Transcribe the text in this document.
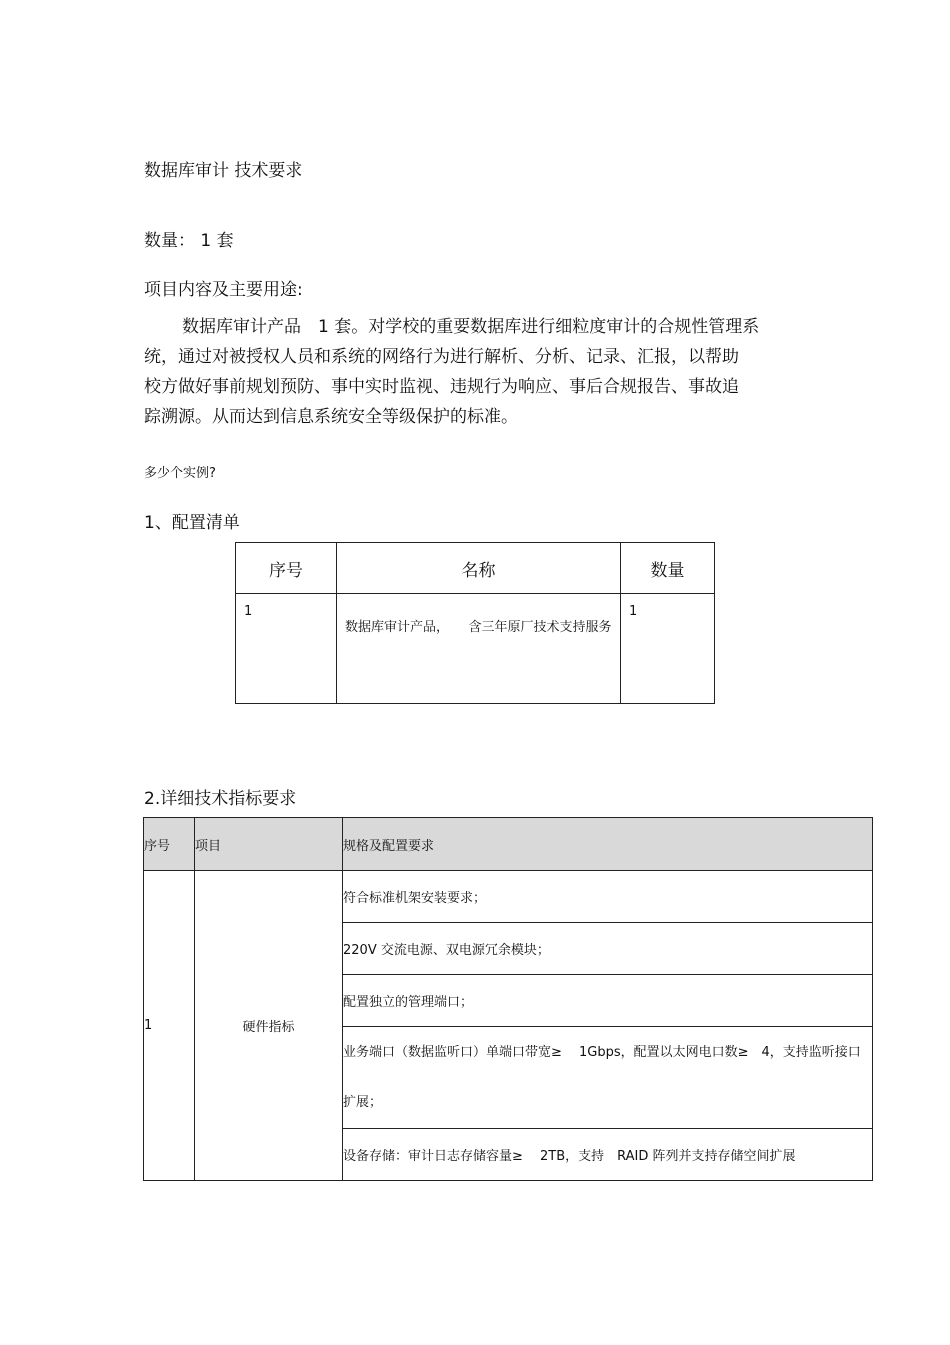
数据库审计 技术要求
数量： 1 套
项目内容及主要用途:
数据库审计产品　1 套。对学校的重要数据库进行细粒度审计的合规性管理系
统，通过对被授权人员和系统的网络行为进行解析、分析、记录、汇报，以帮助
校方做好事前规划预防、事中实时监视、违规行为响应、事后合规报告、事故追
踪溯源。从而达到信息系统安全等级保护的标准。
多少个实例?
1、配置清单
序号	名称	数量
1	数据库审计产品，　　含三年原厂技术支持服务	1
2.详细技术指标要求
序号	项目	规格及配置要求
1	硬件指标	符合标准机架安装要求；
		220V 交流电源、双电源冗余模块；
		配置独立的管理端口；
		业务端口（数据监听口）单端口带宽≥　 1Gbps，配置以太网电口数≥　4，支持监听接口扩展；
		设备存储：审计日志存储容量≥　 2TB，支持　RAID 阵列并支持存储空间扩展
